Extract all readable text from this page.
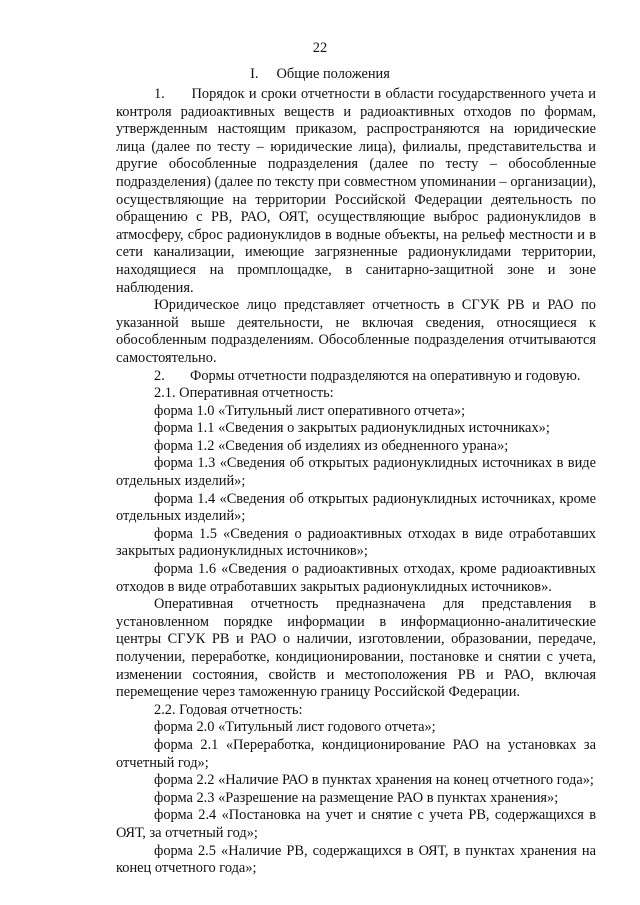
22
I.     Общие положения

1.      Порядок и сроки отчетности в области государственного учета и контроля радиоактивных веществ и радиоактивных отходов по формам, утвержденным настоящим приказом, распространяются на юридические лица (далее по тесту – юридические лица), филиалы, представительства и другие обособленные подразделения (далее по тесту – обособленные подразделения) (далее по тексту при совместном упоминании – организации), осуществляющие на территории Российской Федерации деятельность по обращению с РВ, РАО, ОЯТ, осуществляющие выброс радионуклидов в атмосферу, сброс радионуклидов в водные объекты, на рельеф местности и в сети канализации, имеющие загрязненные радионуклидами территории, находящиеся на промплощадке, в санитарно-защитной зоне и зоне наблюдения.

Юридическое лицо представляет отчетность в СГУК РВ и РАО по указанной выше деятельности, не включая сведения, относящиеся к обособленным подразделениям. Обособленные подразделения отчитываются самостоятельно.

2.       Формы отчетности подразделяются на оперативную и годовую.

2.1. Оперативная отчетность:

форма 1.0 «Титульный лист оперативного отчета»;

форма 1.1 «Сведения о закрытых радионуклидных источниках»;

форма 1.2 «Сведения об изделиях из обедненного урана»;

форма 1.3 «Сведения об открытых радионуклидных источниках в виде отдельных изделий»;

форма 1.4 «Сведения об открытых радионуклидных источниках, кроме отдельных изделий»;

форма 1.5 «Сведения о радиоактивных отходах в виде отработавших закрытых радионуклидных источников»;

форма 1.6 «Сведения о радиоактивных отходах, кроме радиоактивных отходов в виде отработавших закрытых радионуклидных источников».

Оперативная отчетность предназначена для представления в установленном порядке информации в информационно-аналитические центры СГУК РВ и РАО о наличии, изготовлении, образовании, передаче, получении, переработке, кондиционировании, постановке и снятии с учета, изменении состояния, свойств и местоположения РВ и РАО, включая перемещение через таможенную границу Российской Федерации.

2.2. Годовая отчетность:

форма 2.0 «Титульный лист годового отчета»;

форма 2.1 «Переработка, кондиционирование РАО на установках за отчетный год»;

форма 2.2 «Наличие РАО в пунктах хранения на конец отчетного года»;

форма 2.3 «Разрешение на размещение РАО в пунктах хранения»;

форма 2.4 «Постановка на учет и снятие с учета РВ, содержащихся в ОЯТ, за отчетный год»;

форма 2.5 «Наличие РВ, содержащихся в ОЯТ, в пунктах хранения на конец отчетного года»;
